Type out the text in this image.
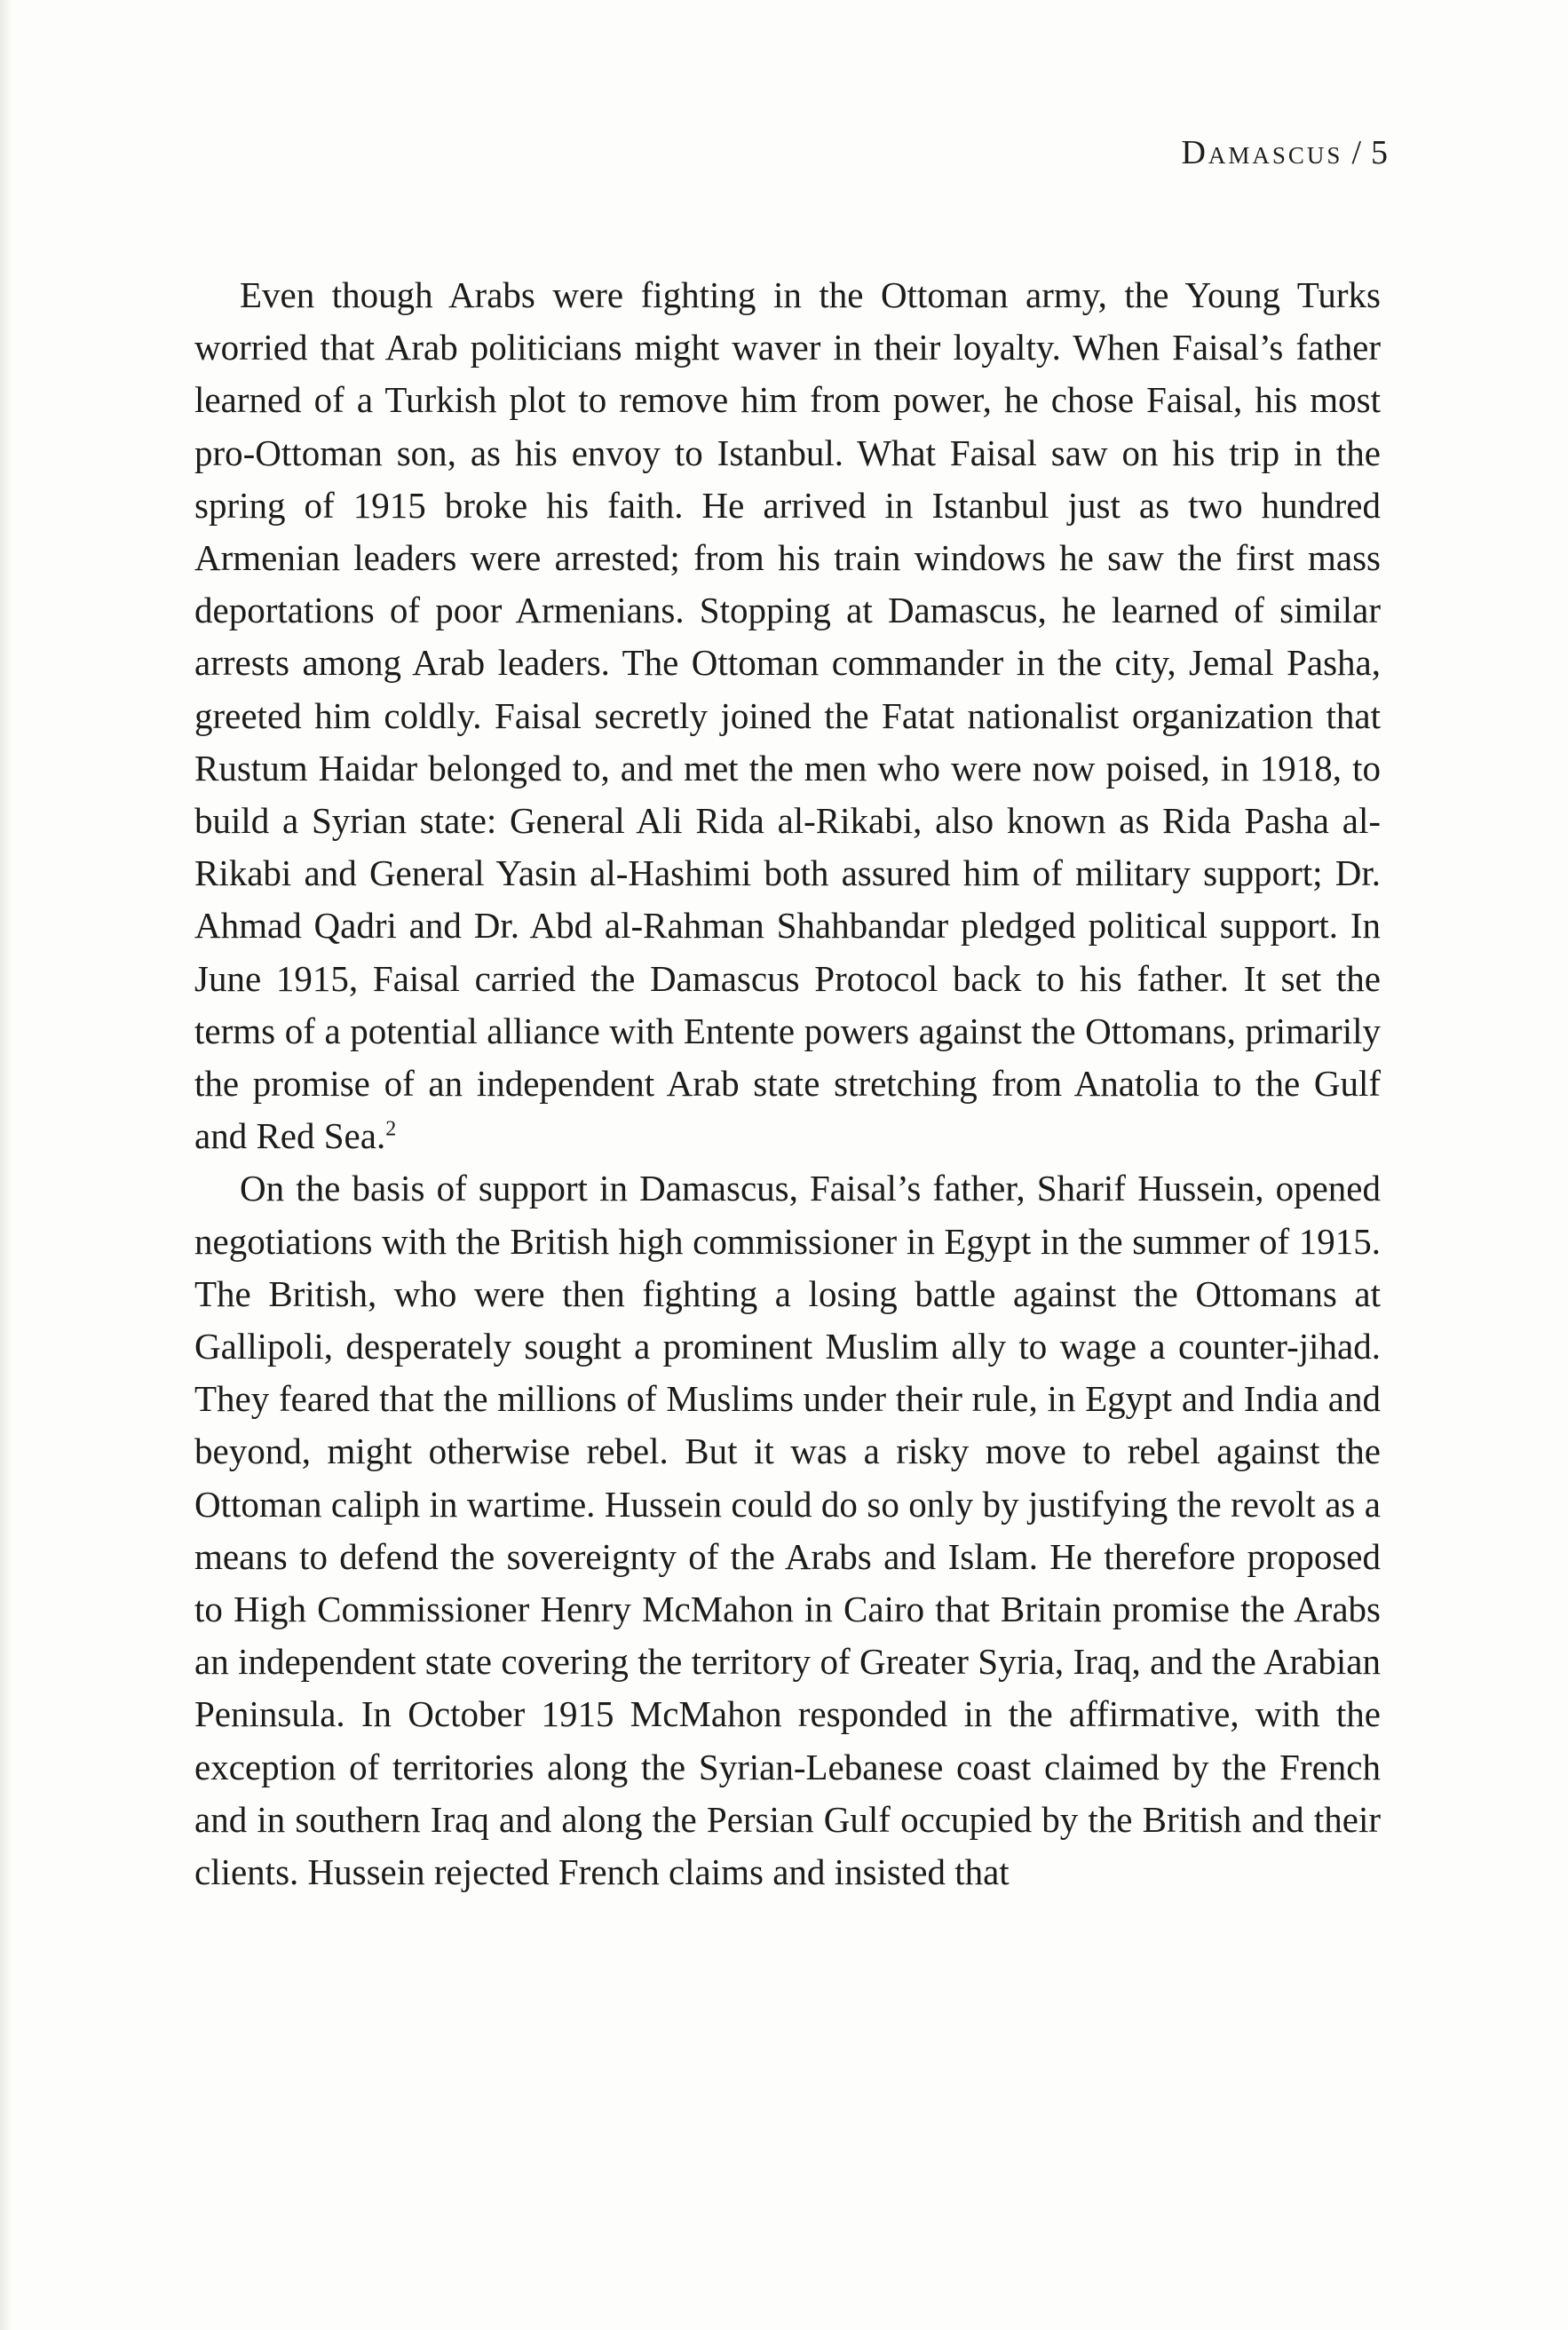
Damascus / 5

Even though Arabs were fighting in the Ottoman army, the Young Turks worried that Arab politicians might waver in their loyalty. When Faisal’s father learned of a Turkish plot to remove him from power, he chose Faisal, his most pro-Ottoman son, as his envoy to Istanbul. What Faisal saw on his trip in the spring of 1915 broke his faith. He arrived in Istanbul just as two hundred Armenian leaders were arrested; from his train windows he saw the first mass deportations of poor Armenians. Stopping at Damascus, he learned of similar arrests among Arab leaders. The Ottoman commander in the city, Jemal Pasha, greeted him coldly. Faisal secretly joined the Fatat nationalist organization that Rustum Haidar belonged to, and met the men who were now poised, in 1918, to build a Syrian state: General Ali Rida al-Rikabi, also known as Rida Pasha al-Rikabi and General Yasin al-Hashimi both assured him of military support; Dr. Ahmad Qadri and Dr. Abd al-Rahman Shahbandar pledged political support. In June 1915, Faisal carried the Damascus Protocol back to his father. It set the terms of a potential alliance with Entente powers against the Ottomans, primarily the promise of an independent Arab state stretching from Anatolia to the Gulf and Red Sea.$^2$

On the basis of support in Damascus, Faisal’s father, Sharif Hussein, opened negotiations with the British high commissioner in Egypt in the summer of 1915. The British, who were then fighting a losing battle against the Ottomans at Gallipoli, desperately sought a prominent Muslim ally to wage a counter-jihad. They feared that the millions of Muslims under their rule, in Egypt and India and beyond, might otherwise rebel. But it was a risky move to rebel against the Ottoman caliph in wartime. Hussein could do so only by justifying the revolt as a means to defend the sovereignty of the Arabs and Islam. He therefore proposed to High Commissioner Henry McMahon in Cairo that Britain promise the Arabs an independent state covering the territory of Greater Syria, Iraq, and the Arabian Peninsula. In October 1915 McMahon responded in the affirmative, with the exception of territories along the Syrian-Lebanese coast claimed by the French and in southern Iraq and along the Persian Gulf occupied by the British and their clients. Hussein rejected French claims and insisted that
